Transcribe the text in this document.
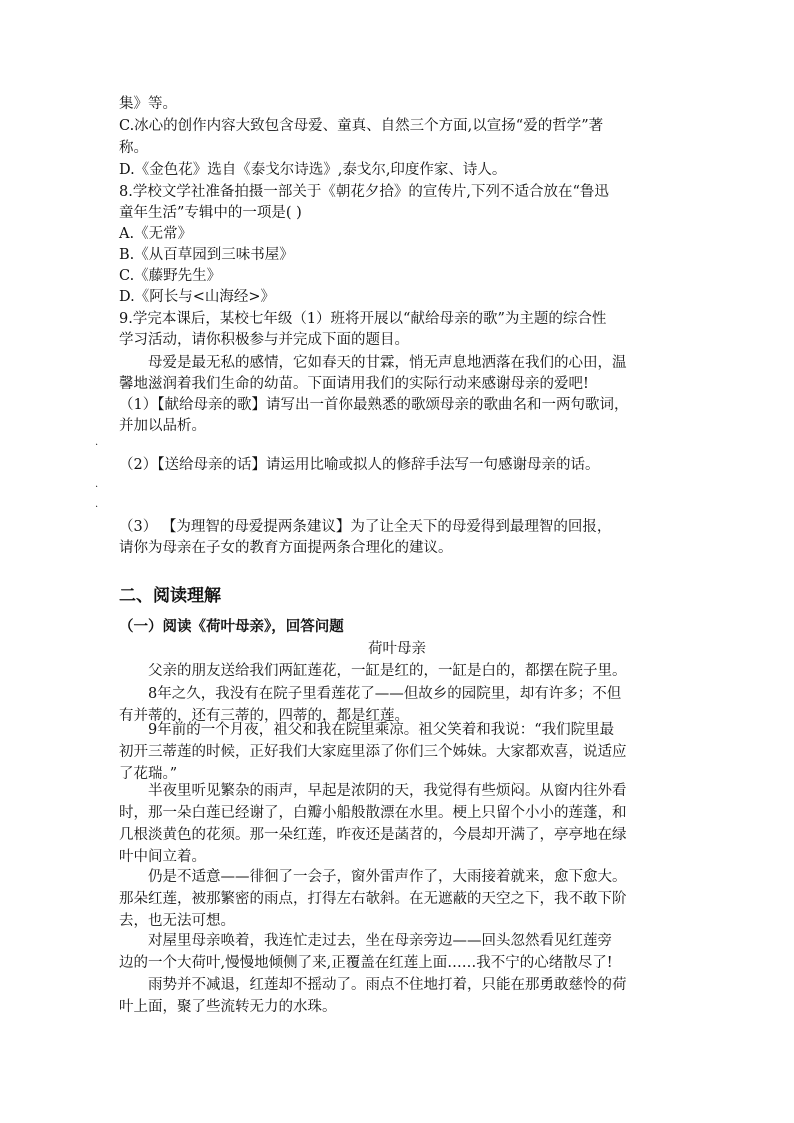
集》等。
C.冰心的创作内容大致包含母爱、童真、自然三个方面,以宣扬“爱的哲学”著
称。
D.《金色花》选自《泰戈尔诗选》,泰戈尔,印度作家、诗人。
8.学校文学社准备拍摄一部关于《朝花夕拾》的宣传片,下列不适合放在“鲁迅
童年生活”专辑中的一项是( )
A.《无常》
B.《从百草园到三味书屋》
C.《藤野先生》
D.《阿长与<山海经>》
9.学完本课后，某校七年级（1）班将开展以“献给母亲的歌”为主题的综合性
学习活动，请你积极参与并完成下面的题目。
母爱是最无私的感情，它如春天的甘霖，悄无声息地洒落在我们的心田，温
馨地滋润着我们生命的幼苗。下面请用我们的实际行动来感谢母亲的爱吧!
（1）【献给母亲的歌】请写出一首你最熟悉的歌颂母亲的歌曲名和一两句歌词，
并加以品析。
.
（2）【送给母亲的话】请运用比喻或拟人的修辞手法写一句感谢母亲的话。
.
.
（3） 【为理智的母爱提两条建议】为了让全天下的母爱得到最理智的回报，
请你为母亲在子女的教育方面提两条合理化的建议。
二、阅读理解
（一）阅读《荷叶母亲》，回答问题
荷叶母亲
父亲的朋友送给我们两缸莲花，一缸是红的，一缸是白的，都摆在院子里。
8年之久，我没有在院子里看莲花了——但故乡的园院里，却有许多；不但
有并蒂的，还有三蒂的，四蒂的，都是红莲。
9年前的一个月夜，祖父和我在院里乘凉。祖父笑着和我说：“我们院里最
初开三蒂莲的时候，正好我们大家庭里添了你们三个姊妹。大家都欢喜，说适应
了花瑞。”
半夜里听见繁杂的雨声，早起是浓阴的天，我觉得有些烦闷。从窗内往外看
时，那一朵白莲已经谢了，白瓣小船般散漂在水里。梗上只留个小小的莲蓬，和
几根淡黄色的花须。那一朵红莲，昨夜还是菡苕的，今晨却开满了，亭亭地在绿
叶中间立着。
仍是不适意——徘徊了一会子，窗外雷声作了，大雨接着就来，愈下愈大。
那朵红莲，被那繁密的雨点，打得左右欹斜。在无遮蔽的天空之下，我不敢下阶
去，也无法可想。
对屋里母亲唤着，我连忙走过去，坐在母亲旁边——回头忽然看见红莲旁
边的一个大荷叶,慢慢地倾侧了来,正覆盖在红莲上面……我不宁的心绪散尽了!
雨势并不减退，红莲却不摇动了。雨点不住地打着，只能在那勇敢慈怜的荷
叶上面，聚了些流转无力的水珠。
